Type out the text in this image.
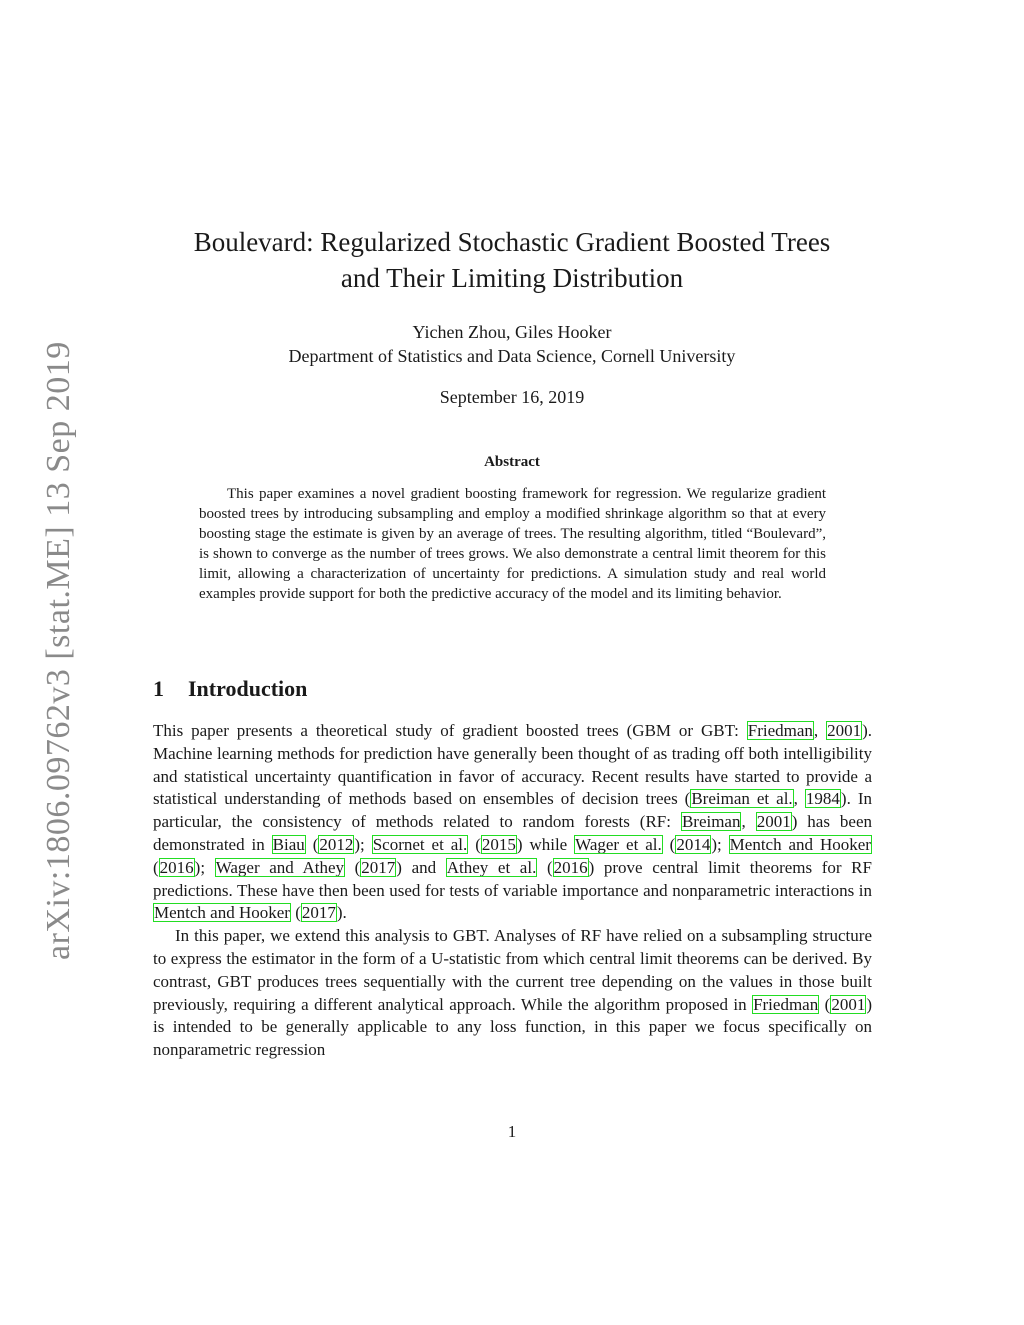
arXiv:1806.09762v3 [stat.ME] 13 Sep 2019
Boulevard: Regularized Stochastic Gradient Boosted Trees
and Their Limiting Distribution
Yichen Zhou, Giles Hooker
Department of Statistics and Data Science, Cornell University
September 16, 2019
Abstract
This paper examines a novel gradient boosting framework for regression. We regularize gradient boosted trees by introducing subsampling and employ a modified shrinkage algorithm so that at every boosting stage the estimate is given by an average of trees. The resulting algorithm, titled “Boulevard”, is shown to converge as the number of trees grows. We also demonstrate a central limit theorem for this limit, allowing a characterization of uncertainty for predictions. A simulation study and real world examples provide support for both the predictive accuracy of the model and its limiting behavior.
1 Introduction

This paper presents a theoretical study of gradient boosted trees (GBM or GBT: Friedman, 2001). Machine learning methods for prediction have generally been thought of as trading off both intelligibility and statistical uncertainty quantification in favor of accuracy. Recent results have started to provide a statistical understanding of methods based on ensembles of decision trees (Breiman et al., 1984). In particular, the consistency of methods related to random forests (RF: Breiman, 2001) has been demonstrated in Biau (2012); Scornet et al. (2015) while Wager et al. (2014); Mentch and Hooker (2016); Wager and Athey (2017) and Athey et al. (2016) prove central limit theorems for RF predictions. These have then been used for tests of variable importance and nonparametric interactions in Mentch and Hooker (2017).

In this paper, we extend this analysis to GBT. Analyses of RF have relied on a subsampling structure to express the estimator in the form of a U-statistic from which central limit theorems can be derived. By contrast, GBT produces trees sequentially with the current tree depending on the values in those built previously, requiring a different analytical approach. While the algorithm proposed in Friedman (2001) is intended to be generally applicable to any loss function, in this paper we focus specifically on nonparametric regression

1
